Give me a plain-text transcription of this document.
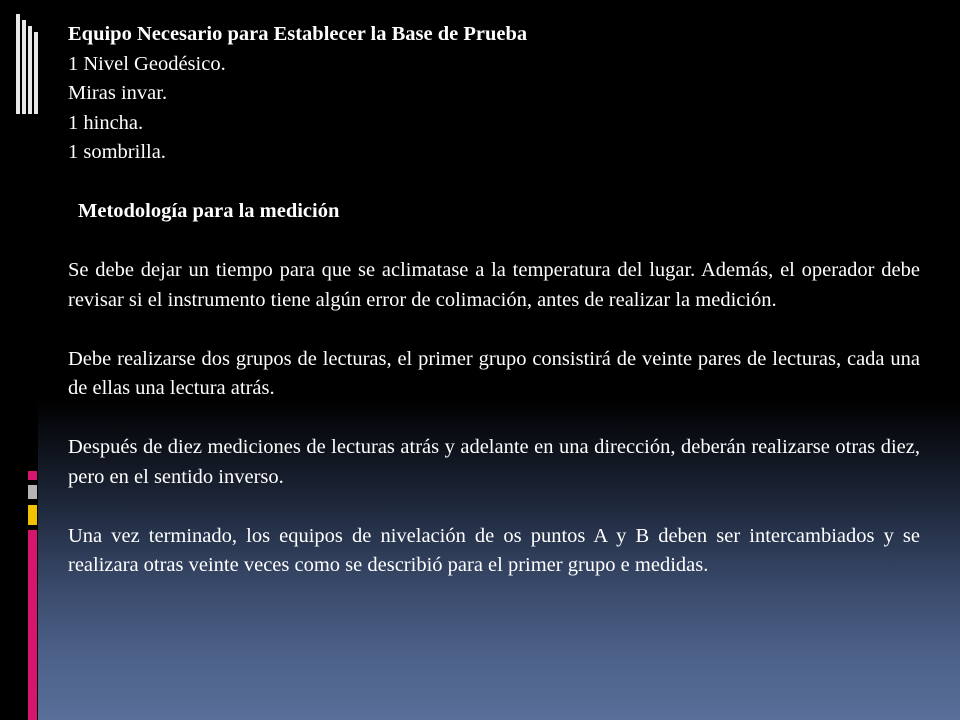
Equipo Necesario para Establecer la Base de Prueba

1 Nivel Geodésico.

Miras invar.

1 hincha.

1 sombrilla.

Metodología para la medición

Se debe dejar un tiempo para que se aclimatase a la temperatura del lugar. Además, el operador debe revisar si el instrumento tiene algún error de colimación, antes de realizar la medición.

Debe realizarse dos grupos de lecturas, el primer grupo consistirá de veinte pares de lecturas, cada una de ellas una lectura atrás.

Después de diez mediciones de lecturas atrás y adelante en una dirección, deberán realizarse otras diez, pero en el sentido inverso.

Una vez terminado, los equipos de nivelación de os puntos A y B deben ser intercambiados y se realizara otras veinte veces como se describió para el primer grupo e medidas.
